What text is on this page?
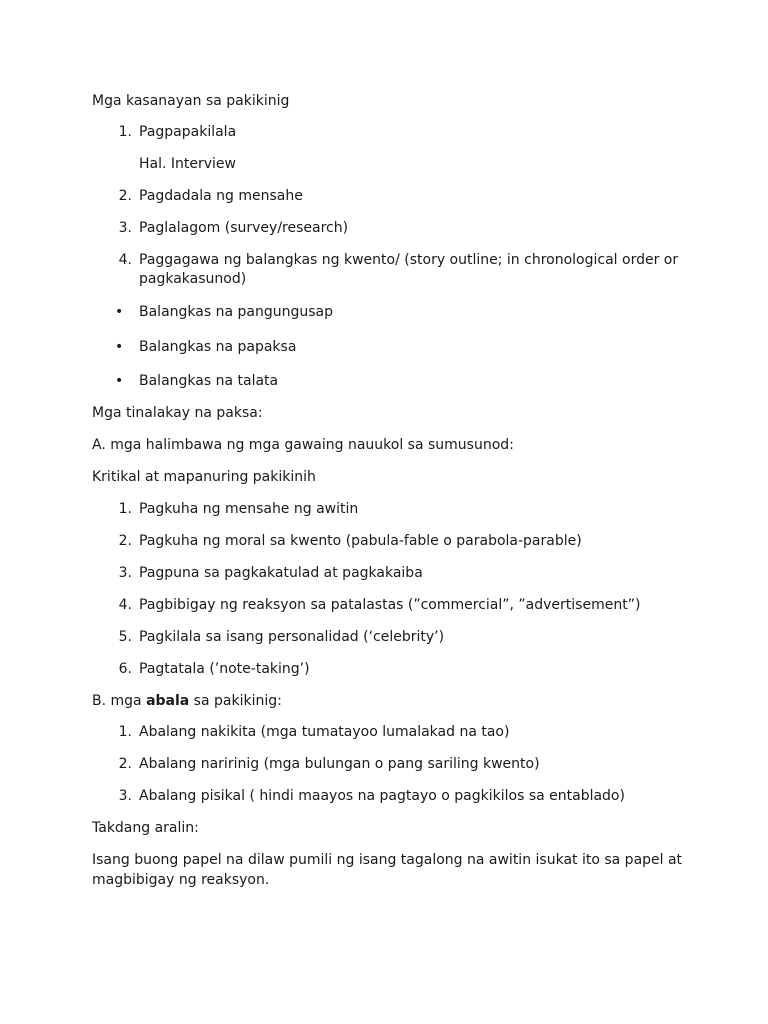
Mga kasanayan sa pakikinig
1. Pagpapakilala
Hal. Interview
2. Pagdadala ng mensahe
3. Paglalagom (survey/research)
4. Paggagawa ng balangkas ng kwento/ (story outline; in chronological order or pagkakasunod)
• Balangkas na pangungusap
• Balangkas na papaksa
• Balangkas na talata
Mga tinalakay na paksa:
A. mga halimbawa ng mga gawaing nauukol sa sumusunod:
Kritikal at mapanuring pakikinih
1. Pagkuha ng mensahe ng awitin
2. Pagkuha ng moral sa kwento (pabula-fable o parabola-parable)
3. Pagpuna sa pagkakatulad at pagkakaiba
4. Pagbibigay ng reaksyon sa patalastas (”commercial”, ”advertisement”)
5. Pagkilala sa isang personalidad (‘celebrity’)
6. Pagtatala (’note-taking’)
B. mga abala sa pakikinig:
1. Abalang nakikita (mga tumatayoo lumalakad na tao)
2. Abalang naririnig (mga bulungan o pang sariling kwento)
3. Abalang pisikal ( hindi maayos na pagtayo o pagkikilos sa entablado)
Takdang aralin:
Isang buong papel na dilaw pumili ng isang tagalong na awitin isukat ito sa papel at magbibigay ng reaksyon.
